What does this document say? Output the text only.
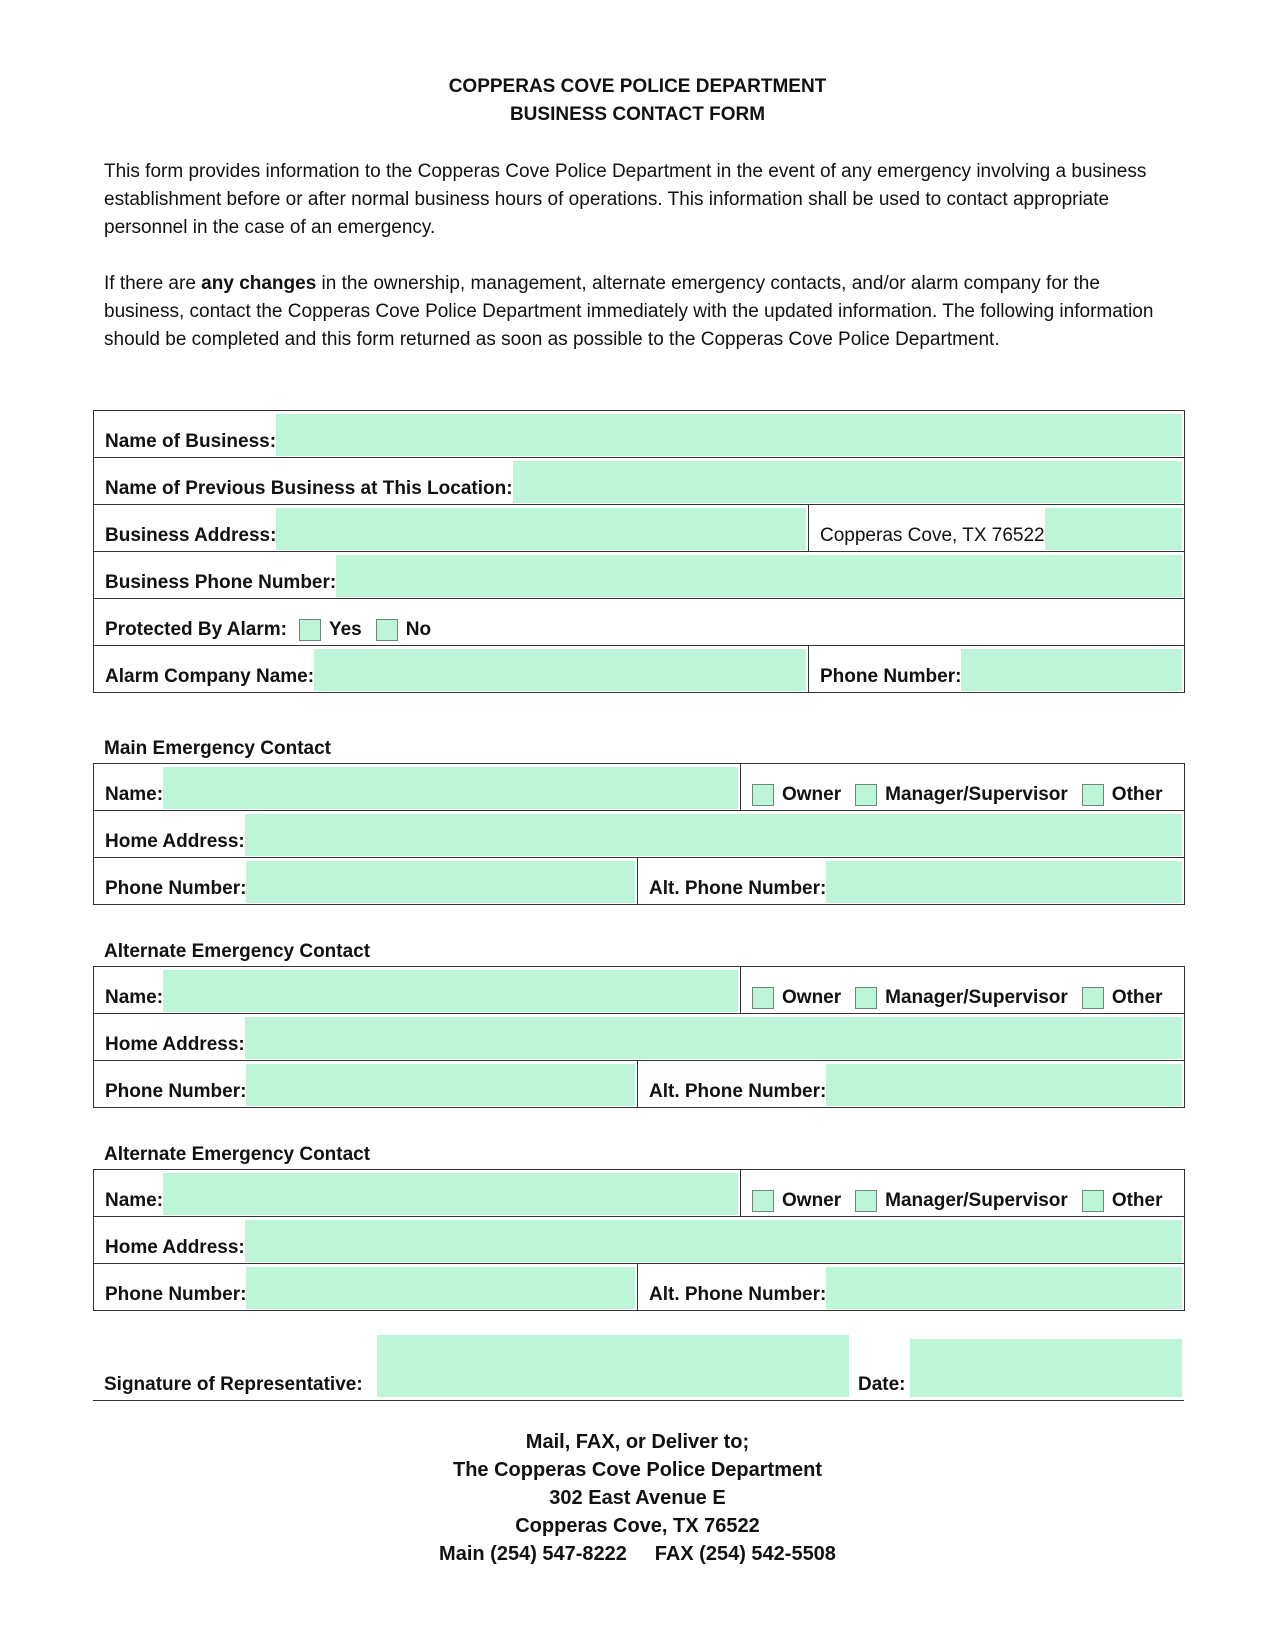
COPPERAS COVE POLICE DEPARTMENT
BUSINESS CONTACT FORM
This form provides information to the Copperas Cove Police Department in the event of any emergency involving a business establishment before or after normal business hours of operations. This information shall be used to contact appropriate personnel in the case of an emergency.
If there are any changes in the ownership, management, alternate emergency contacts, and/or alarm company for the business, contact the Copperas Cove Police Department immediately with the updated information. The following information should be completed and this form returned as soon as possible to the Copperas Cove Police Department.
Name of Business:	

Name of Previous Business at This Location:	

Business Address:	Copperas Cove, TX 76522

Business Phone Number:	

Protected By Alarm: Yes No	

Alarm Company Name:	Phone Number:
Main Emergency Contact
Name:		Owner Manager/Supervisor Other

Home Address:		

Phone Number:	Alt. Phone Number:	
Alternate Emergency Contact
Name:		Owner Manager/Supervisor Other

Home Address:		

Phone Number:	Alt. Phone Number:	
Alternate Emergency Contact
Name:		Owner Manager/Supervisor Other

Home Address:		

Phone Number:	Alt. Phone Number:	
Signature of Representative:	Date:
Mail, FAX, or Deliver to;
The Copperas Cove Police Department
302 East Avenue E
Copperas Cove, TX 76522
Main (254) 547-8222     FAX (254) 542-5508
